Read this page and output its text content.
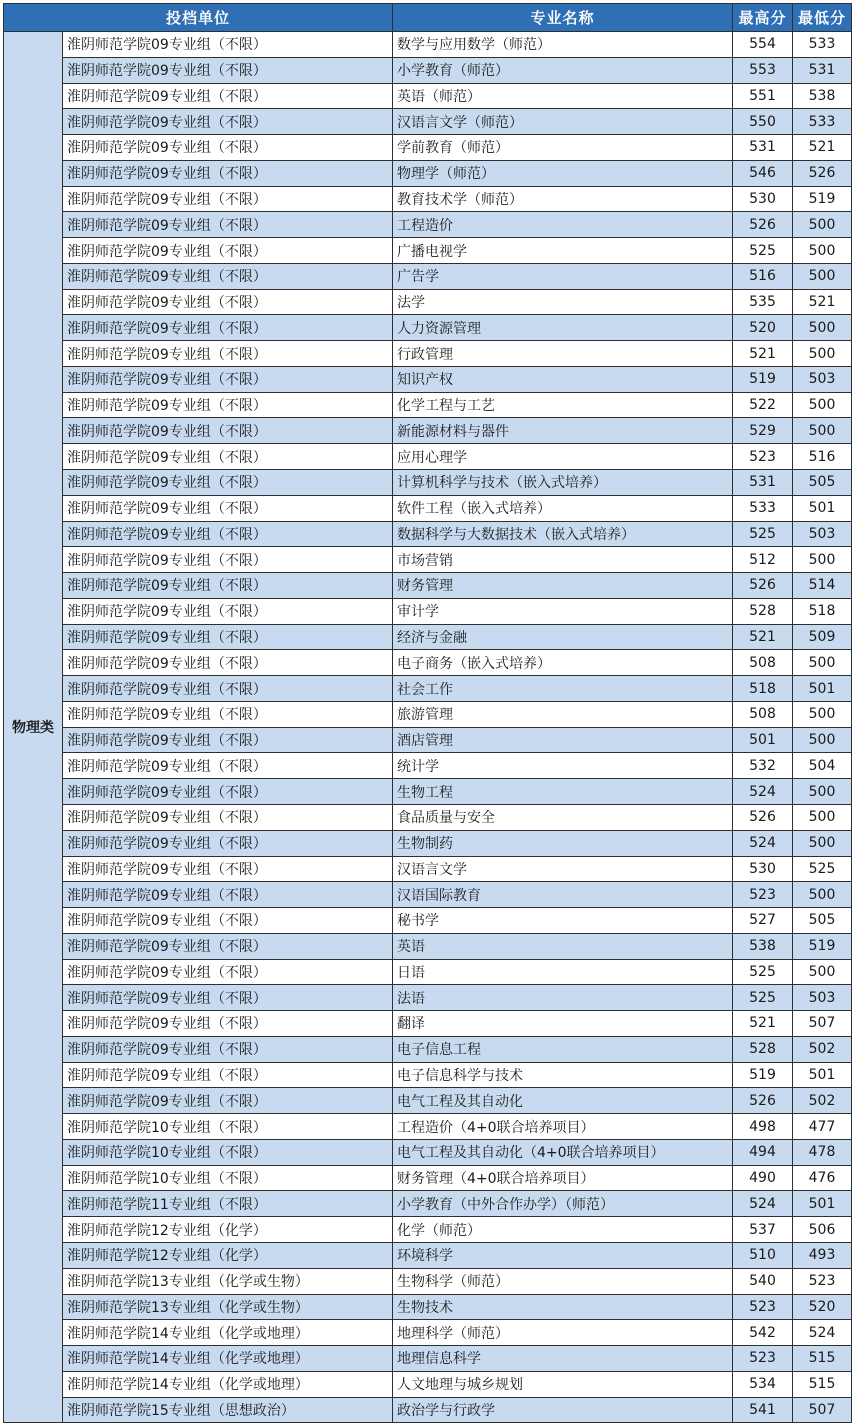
投档单位		专业名称	最高分	最低分
物理类	淮阴师范学院09专业组（不限）	数学与应用数学（师范）	554	533
	淮阴师范学院09专业组（不限）	小学教育（师范）	553	531
	淮阴师范学院09专业组（不限）	英语（师范）	551	538
	淮阴师范学院09专业组（不限）	汉语言文学（师范）	550	533
	淮阴师范学院09专业组（不限）	学前教育（师范）	531	521
	淮阴师范学院09专业组（不限）	物理学（师范）	546	526
	淮阴师范学院09专业组（不限）	教育技术学（师范）	530	519
	淮阴师范学院09专业组（不限）	工程造价	526	500
	淮阴师范学院09专业组（不限）	广播电视学	525	500
	淮阴师范学院09专业组（不限）	广告学	516	500
	淮阴师范学院09专业组（不限）	法学	535	521
	淮阴师范学院09专业组（不限）	人力资源管理	520	500
	淮阴师范学院09专业组（不限）	行政管理	521	500
	淮阴师范学院09专业组（不限）	知识产权	519	503
	淮阴师范学院09专业组（不限）	化学工程与工艺	522	500
	淮阴师范学院09专业组（不限）	新能源材料与器件	529	500
	淮阴师范学院09专业组（不限）	应用心理学	523	516
	淮阴师范学院09专业组（不限）	计算机科学与技术（嵌入式培养）	531	505
	淮阴师范学院09专业组（不限）	软件工程（嵌入式培养）	533	501
	淮阴师范学院09专业组（不限）	数据科学与大数据技术（嵌入式培养）	525	503
	淮阴师范学院09专业组（不限）	市场营销	512	500
	淮阴师范学院09专业组（不限）	财务管理	526	514
	淮阴师范学院09专业组（不限）	审计学	528	518
	淮阴师范学院09专业组（不限）	经济与金融	521	509
	淮阴师范学院09专业组（不限）	电子商务（嵌入式培养）	508	500
	淮阴师范学院09专业组（不限）	社会工作	518	501
	淮阴师范学院09专业组（不限）	旅游管理	508	500
	淮阴师范学院09专业组（不限）	酒店管理	501	500
	淮阴师范学院09专业组（不限）	统计学	532	504
	淮阴师范学院09专业组（不限）	生物工程	524	500
	淮阴师范学院09专业组（不限）	食品质量与安全	526	500
	淮阴师范学院09专业组（不限）	生物制药	524	500
	淮阴师范学院09专业组（不限）	汉语言文学	530	525
	淮阴师范学院09专业组（不限）	汉语国际教育	523	500
	淮阴师范学院09专业组（不限）	秘书学	527	505
	淮阴师范学院09专业组（不限）	英语	538	519
	淮阴师范学院09专业组（不限）	日语	525	500
	淮阴师范学院09专业组（不限）	法语	525	503
	淮阴师范学院09专业组（不限）	翻译	521	507
	淮阴师范学院09专业组（不限）	电子信息工程	528	502
	淮阴师范学院09专业组（不限）	电子信息科学与技术	519	501
	淮阴师范学院09专业组（不限）	电气工程及其自动化	526	502
	淮阴师范学院10专业组（不限）	工程造价（4+0联合培养项目）	498	477
	淮阴师范学院10专业组（不限）	电气工程及其自动化（4+0联合培养项目）	494	478
	淮阴师范学院10专业组（不限）	财务管理（4+0联合培养项目）	490	476
	淮阴师范学院11专业组（不限）	小学教育（中外合作办学）（师范）	524	501
	淮阴师范学院12专业组（化学）	化学（师范）	537	506
	淮阴师范学院12专业组（化学）	环境科学	510	493
	淮阴师范学院13专业组（化学或生物）	生物科学（师范）	540	523
	淮阴师范学院13专业组（化学或生物）	生物技术	523	520
	淮阴师范学院14专业组（化学或地理）	地理科学（师范）	542	524
	淮阴师范学院14专业组（化学或地理）	地理信息科学	523	515
	淮阴师范学院14专业组（化学或地理）	人文地理与城乡规划	534	515
	淮阴师范学院15专业组（思想政治）	政治学与行政学	541	507
